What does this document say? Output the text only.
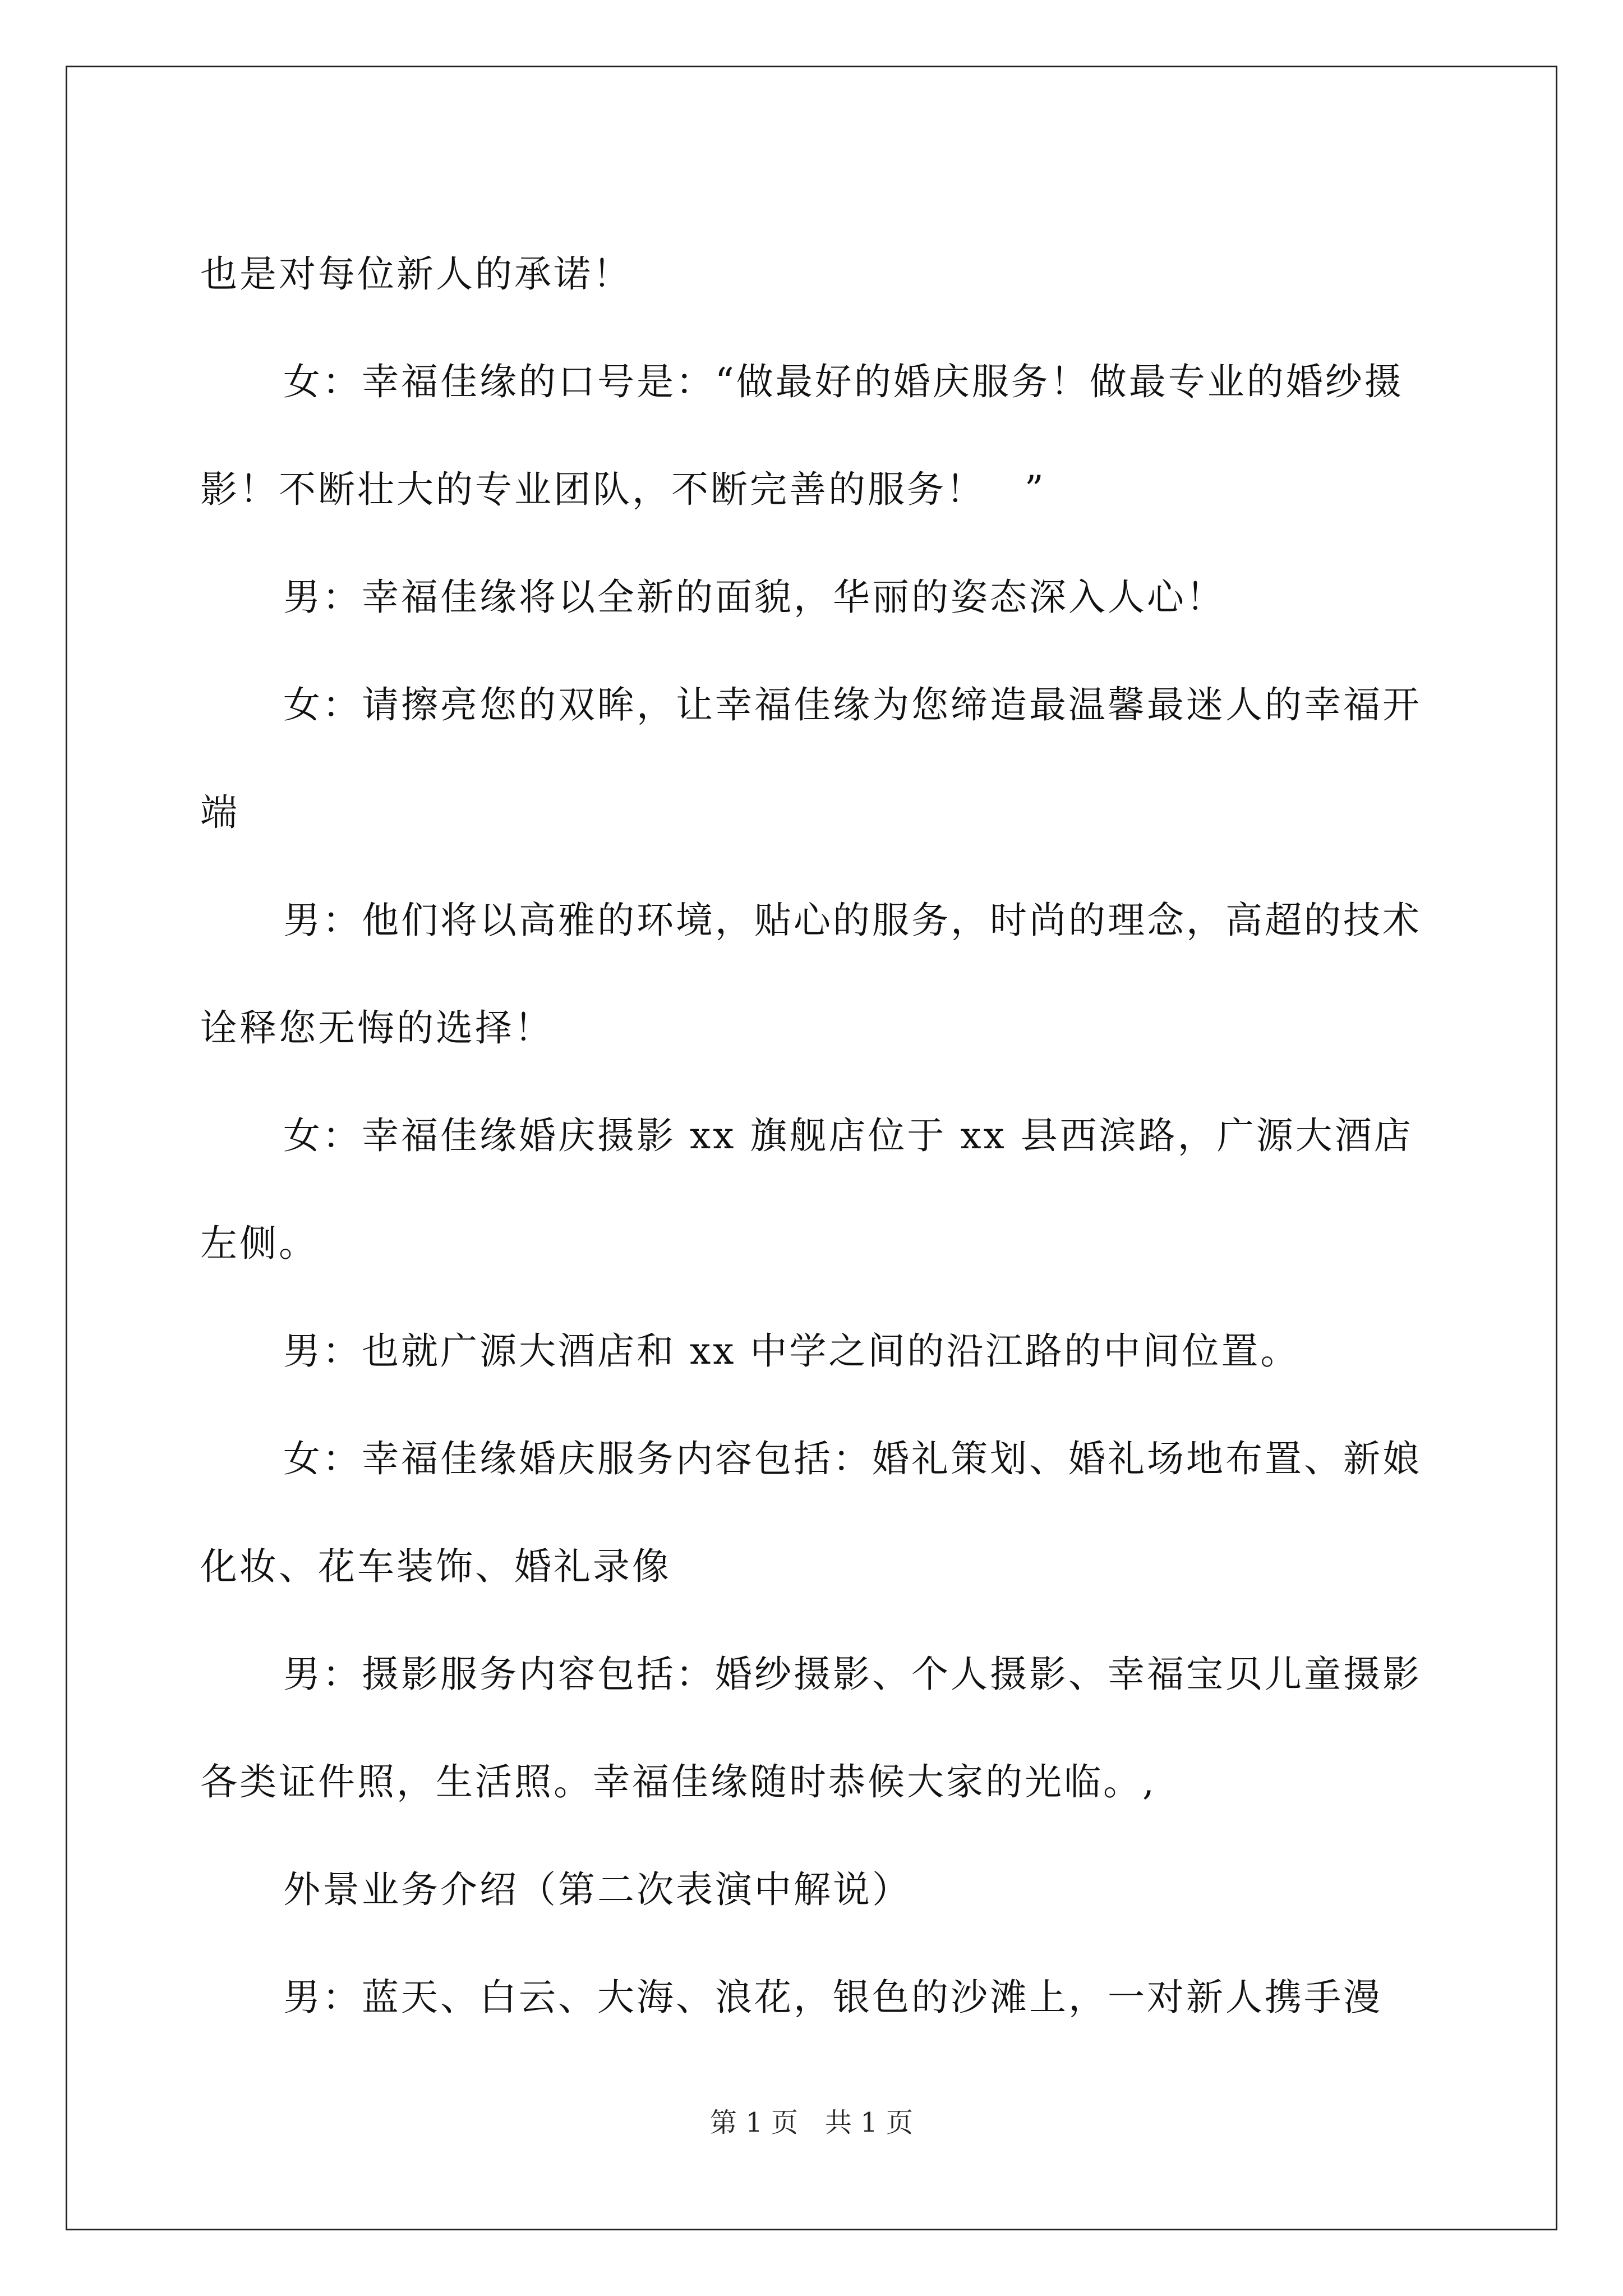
也是对每位新人的承诺！

女：幸福佳缘的口号是：“做最好的婚庆服务！做最专业的婚纱摄影！不断壮大的专业团队，不断完善的服务！　”

男：幸福佳缘将以全新的面貌，华丽的姿态深入人心！

女：请擦亮您的双眸，让幸福佳缘为您缔造最温馨最迷人的幸福开端

男：他们将以高雅的环境，贴心的服务，时尚的理念，高超的技术诠释您无悔的选择！

女：幸福佳缘婚庆摄影 xx 旗舰店位于 xx 县西滨路，广源大酒店左侧。

男：也就广源大酒店和 xx 中学之间的沿江路的中间位置。

女：幸福佳缘婚庆服务内容包括：婚礼策划、婚礼场地布置、新娘化妆、花车装饰、婚礼录像

男：摄影服务内容包括：婚纱摄影、个人摄影、幸福宝贝儿童摄影 各类证件照，生活照。幸福佳缘随时恭候大家的光临。,

外景业务介绍（第二次表演中解说）

男：蓝天、白云、大海、浪花，银色的沙滩上，一对新人携手漫

第 1 页　共 1 页
